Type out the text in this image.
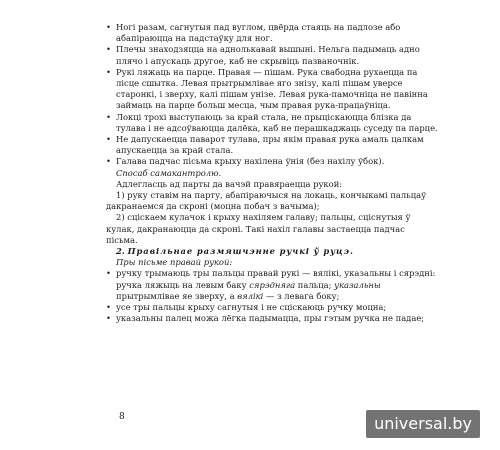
• Ногі разам, сагнутыя пад вуглом, цвёрда стаяць на падлозе або абапіраюцца на падстаўку для ног.

• Плечы знаходзяцца на аднолькавай вышыні. Нельга падымаць адно плячо і апускаць другое, каб не скрывіць пазваночнік.

• Рукі ляжаць на парце. Правая — пішам. Рука свабодна рухаецца па лісце сшытка. Левая прытрымлівае яго знізу, калі пішам уверсе старонкі, і зверху, калі пішам унізе. Левая рука-памочніца не павінна займаць на парце больш месца, чым правая рука-працаўніца.

• Локці трохі выступаюць за край стала, не прыціскаюцца блізка да тулава і не адсоўваюцца далёка, каб не перашкаджаць суседу па парце.

• Не дапускаецца паварот тулава, пры якім правая рука амаль цалкам апускаецца за край стала.

• Галава падчас пісьма крыху нахілена ўнія (без нахілу ўбок).

Спосаб самакантролю.

Адлегласць ад парты да вачэй правяраецца рукой:

1) руку ставім на парту, абапіраючыся на локаць, кончыкамі пальцаў дакранаемся да скроні (моцна побач з вачыма);

2) сціскаем кулачок і крыху нахіляем галаву; пальцы, сціснутыя ў кулак, дакранаюцца да скроні. Такі нахіл галавы застаецца падчас пісьма.

2. Правільнае размяшчэнне ручкі ў руцэ.

Пры пісьме правай рукой:

• ручку трымаюць тры пальцы правай рукі — вялікі, указальны і сярэдні: ручка ляжыць на левым баку сярэдняга пальца; указальны прытрымлівае яе зверху, а вялікі — з левага боку;

• усе тры пальцы крыху сагнутыя і не сціскаюць ручку моцна;

• указальны палец можа лёгка падымацца, пры гэтым ручка не падае;

8	universal.by
